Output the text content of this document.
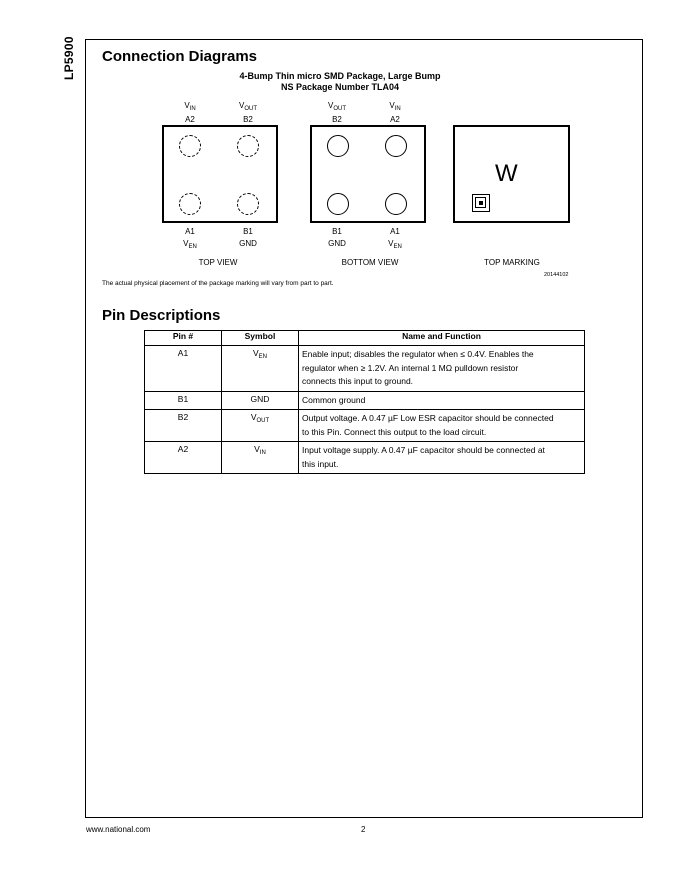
LP5900 Connection Diagrams
4-Bump Thin micro SMD Package, Large Bump
NS Package Number TLA04
$V_{IN}$
A2
$V_{OUT}$
B2
A1
$V_{EN}$
B1
GND
TOP VIEW
$V_{OUT}$
B2
$V_{IN}$
A2
B1
GND
A1
$V_{EN}$
BOTTOM VIEW
W
TOP MARKING
20144102
The actual physical placement of the package marking will vary from part to part.
Pin Descriptions
Pin #	Symbol	Name and Function
A1	$V_{EN}$	Enable input; disables the regulator when ≤ 0.4V. Enables the
regulator when ≥ 1.2V. An internal 1 MΩ pulldown resistor
connects this input to ground.

B1	GND	Common ground

B2	$V_{OUT}$	Output voltage. A 0.47 µF Low ESR capacitor should be connected
to this Pin. Connect this output to the load circuit.

A2	$V_{IN}$	Input voltage supply. A 0.47 µF capacitor should be connected at
this input.
www.national.com	2
